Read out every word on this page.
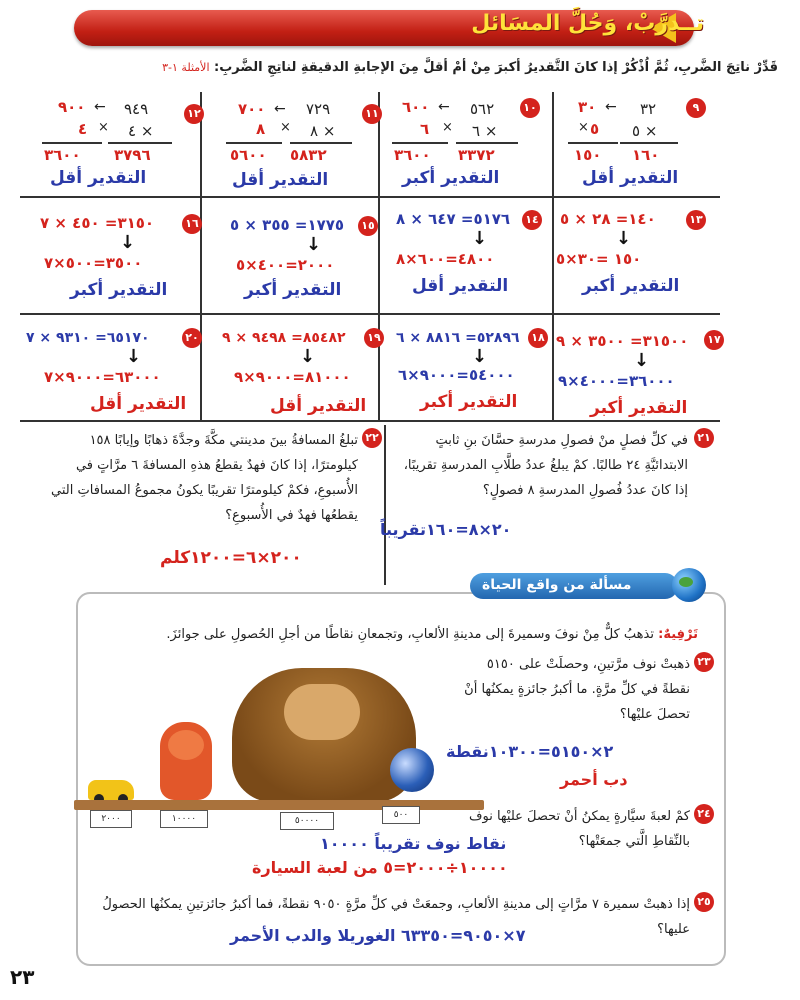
تــدرَّبْ، وَحُلَّ المسَائل
قَدِّرْ ناتِجَ الضَّربِ، ثُمَّ اُذْكُرْ إذا كانَ التَّقديرُ أكبرَ مِنْ أمْ أقلَّ مِنَ الإجابةِ الدقيقةِ لناتِجِ الضَّربِ: الأمثلة ١-٣
٩
٣٢
٥ ×
١٦٠
٣٠ ←
٥
×
١٥٠
التقدير أقل
١٠
٥٦٢
٦ ×
٣٣٧٢
٦٠٠ ←
٦ ×
٣٦٠٠
التقدير أكبر
١١
٧٢٩
٨ ×
٥٨٣٢
٧٠٠ ←
٨ ×
٥٦٠٠
التقدير أقل
١٢
٩٤٩
٤ ×
٣٧٩٦
٩٠٠ ←
٤ ×
٣٦٠٠
التقدير أقل
١٣
١٤٠= ٢٨ × ٥
↓
١٥٠ =٣٠×٥
التقدير أكبر
١٤
٥١٧٦= ٦٤٧ × ٨
↓
٤٨٠٠=٦٠٠×٨
التقدير أقل
١٥
١٧٧٥= ٣٥٥ × ٥
↓
٢٠٠٠=٤٠٠×٥
التقدير أكبر
١٦
٣١٥٠= ٤٥٠ × ٧
↓
٣٥٠٠=٥٠٠×٧
التقدير أكبر
١٧
٣١٥٠٠= ٣٥٠٠ × ٩
↓
٣٦٠٠٠=٤٠٠٠×٩
التقدير أكبر
١٨
٥٢٨٩٦= ٨٨١٦ × ٦
↓
٥٤٠٠٠=٩٠٠٠×٦
التقدير أكبر
١٩
٨٥٤٨٢= ٩٤٩٨ × ٩
↓
٨١٠٠٠=٩٠٠٠×٩
التقدير أقل
٢٠
٦٥١٧٠= ٩٣١٠ × ٧
↓
٦٣٠٠٠=٩٠٠٠×٧
التقدير أقل
٢١
في كلِّ فصلٍ منْ فصولِ مدرسةِ حسَّانَ بنِ ثابتٍ الابتدائيَّةِ ٢٤ طالبًا. كمْ يبلغُ عددُ طلَّابِ المدرسةِ تقريبًا، إذا كانَ عددُ فُصولِ المدرسةِ ٨ فصولٍ؟
٢٠×٨=١٦٠تقريباً
٢٢
تبلغُ المسافةُ بينَ مدينتي مكَّةَ وجدَّةَ ذهابًا وإيابًا ١٥٨ كيلومترًا، إذا كانَ فهدٌ يقطعُ هذهِ المسافةَ ٦ مرَّاتٍ في الأُسبوعِ، فكمْ كيلومترًا تقريبًا يكونُ مجموعُ المسافاتِ التي يقطعُها فهدٌ في الأُسبوعِ؟
٢٠٠×٦=١٢٠٠كلم
مسألة من واقع الحياة
تَرْفِيهٌ: تذهبُ كلٌّ مِنْ نوفَ وسميرةَ إلى مدينةِ الألعابِ، وتجمعانِ نقاطًا من أجلِ الحُصولِ على جوائزَ.
٢٣
ذهبتْ نوف مرَّتينِ، وحصلَتْ على ٥١٥٠ نقطةً في كلِّ مرَّةٍ. ما أكبرُ جائزةٍ يمكنُها أنْ تحصلَ عليْها؟
٢×٥١٥٠=١٠٣٠٠نقطة
دب أحمر
٢٠٠٠	١٠٠٠٠	٥٠٠٠٠
٥٠٠	٢٤
كمْ لعبةَ سيَّارةٍ يمكنُ أنْ تحصلَ عليْها نوف بالنِّقاطِ الَّتي جمعَتْها؟
نقاط نوف تقريباً ١٠٠٠٠
١٠٠٠٠÷٢٠٠٠=٥ من لعبة السيارة
٢٥
إذا ذهبتْ سميرة ٧ مرَّاتٍ إلى مدينةِ الألعابِ، وجمعَتْ في كلِّ مرَّةٍ ٩٠٥٠ نقطةً، فما أكبرُ جائزتينِ يمكنُها الحصولُ عليها؟
٧×٩٠٥٠=٦٣٣٥٠ الغوريلا والدب الأحمر
٢٣
